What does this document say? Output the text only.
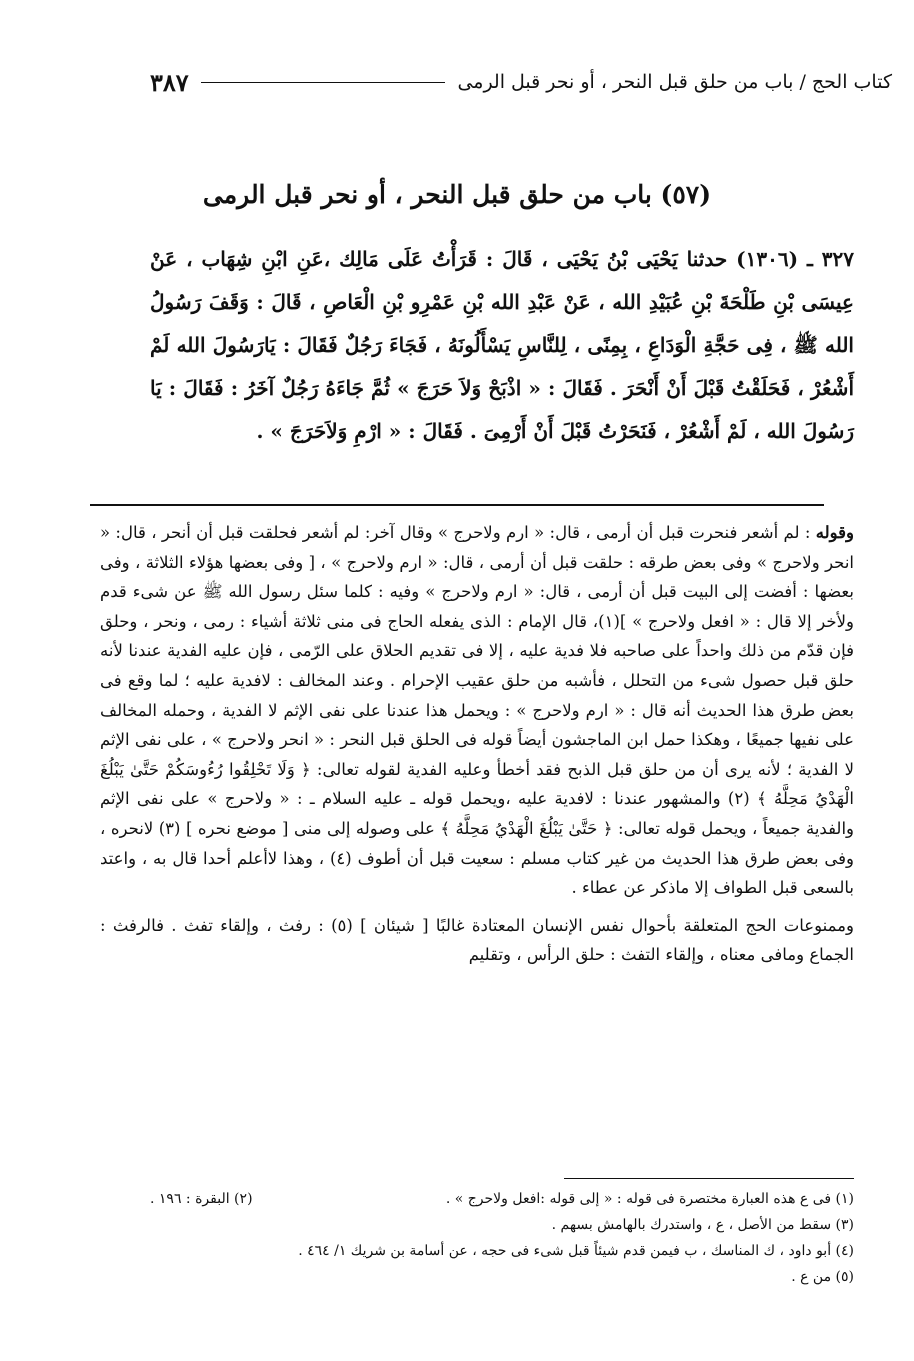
كتاب الحج / باب من حلق قبل النحر ، أو نحر قبل الرمى
٣٨٧
(٥٧) باب من حلق قبل النحر ، أو نحر قبل الرمى
٣٢٧ ـ (١٣٠٦) حدثنا يَحْيَى بْنُ يَحْيَى ، قَالَ : قَرَأْتُ عَلَى مَالِك ،عَنِ ابْنِ شِهَاب ، عَنْ عِيسَى بْنِ طَلْحَةَ بْنِ عُبَيْدِ الله ، عَنْ عَبْدِ الله بْنِ عَمْرِو بْنِ الْعَاصِ ، قَالَ : وَقَفَ رَسُولُ الله ﷺ ، فِى حَجَّةِ الْوَدَاعِ ، بِمِنًى ، لِلنَّاسِ يَسْأَلُونَهُ ، فَجَاءَ رَجُلٌ فَقَالَ : يَارَسُولَ الله لَمْ أَشْعُرْ ، فَحَلَقْتُ قَبْلَ أَنْ أَنْحَرَ . فَقَالَ : « اذْبَحْ وَلاَ حَرَجَ » ثُمَّ جَاءَهُ رَجُلٌ آخَرُ : فَقَالَ : يَا رَسُولَ الله ، لَمْ أَشْعُرْ ، فَنَحَرْتُ قَبْلَ أَنْ أَرْمِىَ . فَقَالَ : « ارْمِ وَلاَحَرَجَ » .

وقوله : لم أشعر فنحرت قبل أن أرمى ، قال: « ارم ولاحرج » وقال آخر: لم أشعر فحلقت قبل أن أنحر ، قال: « انحر ولاحرج » وفى بعض طرقه : حلقت قبل أن أرمى ، قال: « ارم ولاحرج » ، [ وفى بعضها هؤلاء الثلاثة ، وفى بعضها : أفضت إلى البيت قبل أن أرمى ، قال: « ارم ولاحرج » وفيه : كلما سئل رسول الله ﷺ عن شىء قدم ولأخر إلا قال : « افعل ولاحرج » ](١)، قال الإمام : الذى يفعله الحاج فى منى ثلاثة أشياء : رمى ، ونحر ، وحلق فإن قدّم من ذلك واحداً على صاحبه فلا فدية عليه ، إلا فى تقديم الحلاق على الرّمى ، فإن عليه الفدية عندنا لأنه حلق قبل حصول شىء من التحلل ، فأشبه من حلق عقيب الإحرام . وعند المخالف : لافدية عليه ؛ لما وقع فى بعض طرق هذا الحديث أنه قال : « ارم ولاحرج » : ويحمل هذا عندنا على نفى الإثم لا الفدية ، وحمله المخالف على نفيها جميعًا ، وهكذا حمل ابن الماجشون أيضاً قوله فى الحلق قبل النحر : « انحر ولاحرج » ، على نفى الإثم لا الفدية ؛ لأنه يرى أن من حلق قبل الذبح فقد أخطأ وعليه الفدية لقوله تعالى: ﴿ وَلَا تَحْلِقُوا رُءُوسَكُمْ حَتَّىٰ يَبْلُغَ الْهَدْيُ مَحِلَّهُ ﴾ (٢) والمشهور عندنا : لافدية عليه ،ويحمل قوله ـ عليه السلام ـ : « ولاحرج » على نفى الإثم والفدية جميعاً ، ويحمل قوله تعالى: ﴿ حَتَّىٰ يَبْلُغَ الْهَدْيُ مَحِلَّهُ ﴾ على وصوله إلى منى [ موضع نحره ] (٣) لانحره ، وفى بعض طرق هذا الحديث من غير كتاب مسلم : سعيت قبل أن أطوف (٤) ، وهذا لاأعلم أحدا قال به ، واعتد بالسعى قبل الطواف إلا ماذكر عن عطاء .

وممنوعات الحج المتعلقة بأحوال نفس الإنسان المعتادة غالبًا [ شيئان ] (٥) : رفث ، وإلقاء تفث . فالرفث : الجماع ومافى معناه ، وإلقاء التفث : حلق الرأس ، وتقليم

(١) فى ع هذه العبارة مختصرة فى قوله : « إلى قوله :افعل ولاحرج » .
(٢) البقرة : ١٩٦ .
(٣) سقط من الأصل ، ع ، واستدرك بالهامش بسهم .
(٤) أبو داود ، ك المناسك ، ب فيمن قدم شيئاً قبل شىء فى حجه ، عن أسامة بن شريك ١/ ٤٦٤ .
(٥) من ع .
